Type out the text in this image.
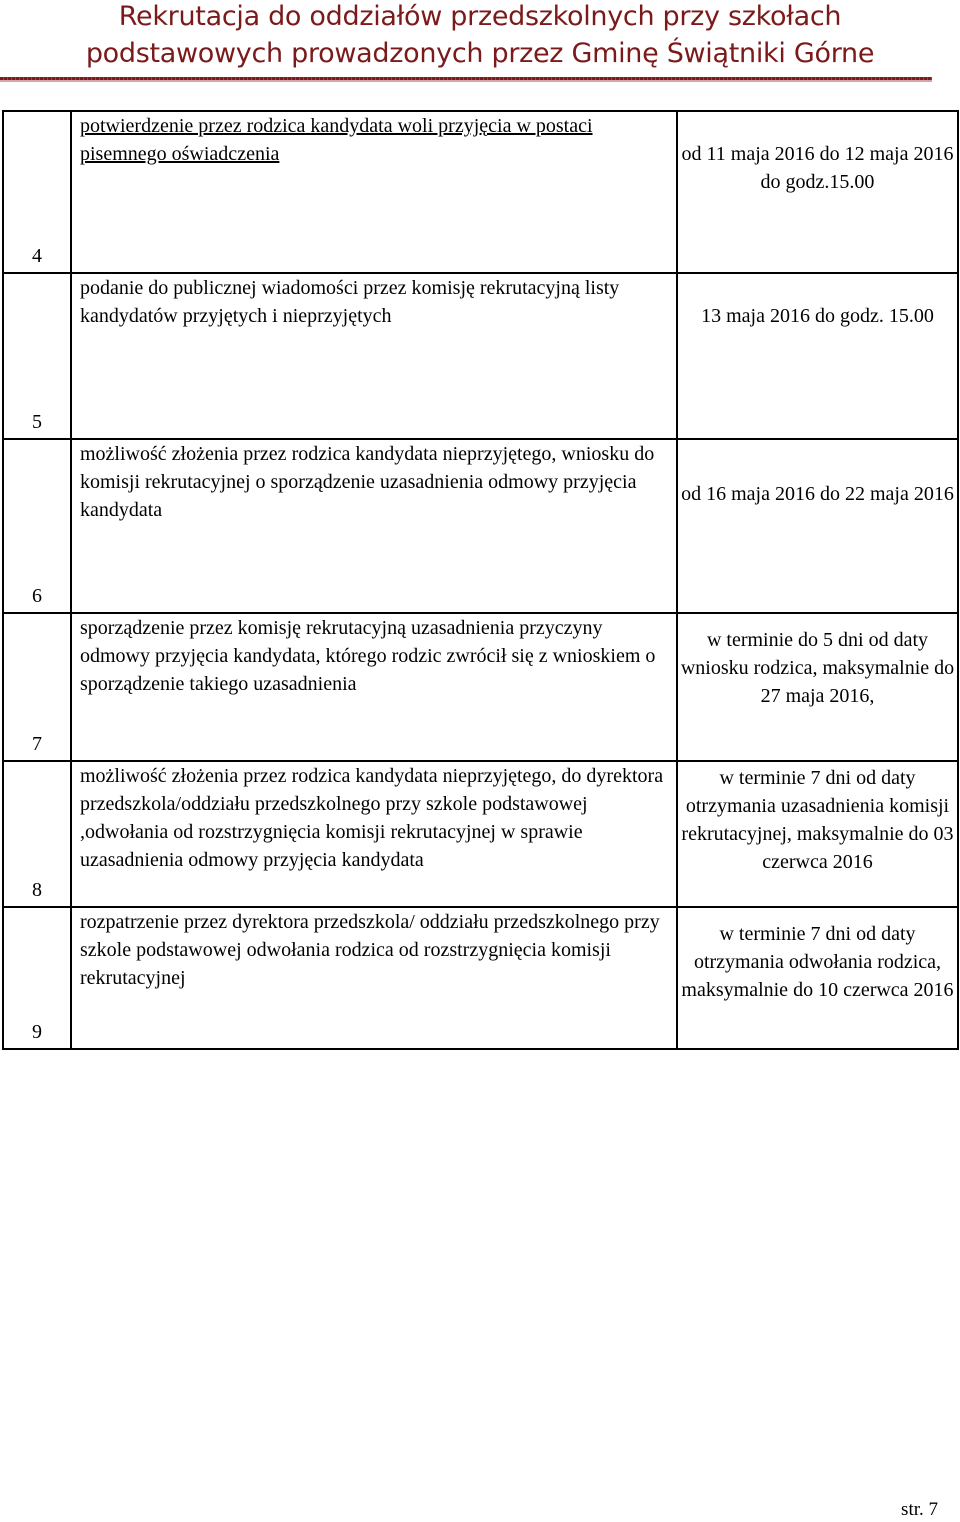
Rekrutacja do oddziałów przedszkolnych przy szkołach
podstawowych prowadzonych przez Gminę Świątniki Górne
4	potwierdzenie przez rodzica kandydata woli przyjęcia w postaci pisemnego oświadczenia	od 11 maja 2016 do 12 maja 2016 do godz.15.00

5	podanie do publicznej wiadomości przez komisję rekrutacyjną listy kandydatów przyjętych i nieprzyjętych	13 maja 2016 do godz. 15.00

6	możliwość złożenia przez rodzica kandydata nieprzyjętego, wniosku do komisji rekrutacyjnej o sporządzenie uzasadnienia odmowy przyjęcia kandydata	od 16 maja 2016 do 22 maja 2016

7	sporządzenie przez komisję rekrutacyjną uzasadnienia przyczyny odmowy przyjęcia kandydata, którego rodzic zwrócił się z wnioskiem o sporządzenie takiego uzasadnienia	w terminie do 5 dni od daty wniosku rodzica, maksymalnie do 27 maja 2016,

8	możliwość złożenia przez rodzica kandydata nieprzyjętego, do dyrektora przedszkola/oddziału przedszkolnego przy szkole podstawowej ,odwołania od rozstrzygnięcia komisji rekrutacyjnej w sprawie uzasadnienia odmowy przyjęcia kandydata	w terminie 7 dni od daty otrzymania uzasadnienia komisji rekrutacyjnej, maksymalnie do 03 czerwca 2016

9	rozpatrzenie przez dyrektora przedszkola/ oddziału przedszkolnego przy szkole podstawowej odwołania rodzica od rozstrzygnięcia komisji rekrutacyjnej	w terminie 7 dni od daty otrzymania odwołania rodzica, maksymalnie do 10 czerwca 2016
str. 7
